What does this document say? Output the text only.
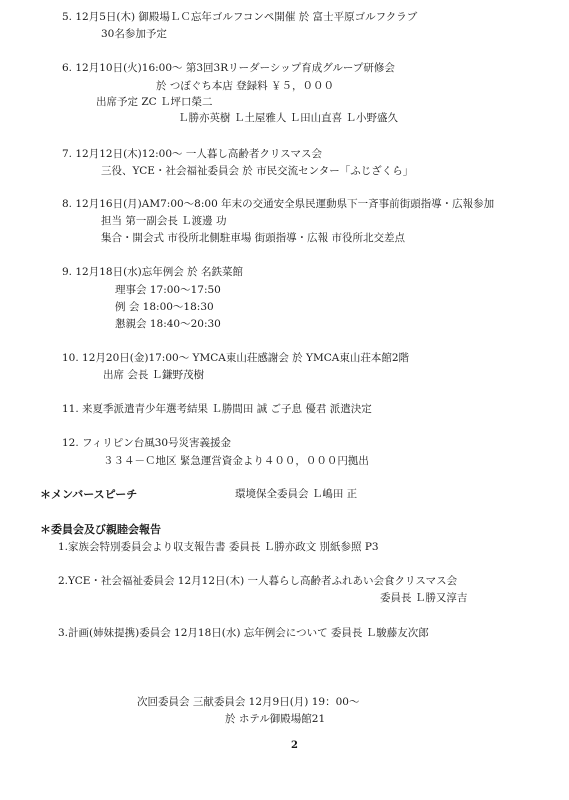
5. 12月5日(木) 御殿場ＬＣ忘年ゴルフコンペ開催 於 富士平原ゴルフクラブ
30名参加予定
6. 12月10日(火)16:00～ 第3回3Rリーダーシップ育成グループ研修会
於 つぼぐち本店 登録料 ￥５，０００
出席予定 ZC Ｌ坪口榮二
Ｌ勝亦英樹 Ｌ土屋雅人 Ｌ田山直喜 Ｌ小野盛久
7. 12月12日(木)12:00～ 一人暮し高齢者クリスマス会
三役、YCE・社会福祉委員会 於 市民交流センター「ふじざくら」
8. 12月16日(月)AM7:00～8:00 年末の交通安全県民運動県下一斉事前街頭指導・広報参加
担当 第一副会長 Ｌ渡邊 功
集合・開会式 市役所北側駐車場 街頭指導・広報 市役所北交差点
9. 12月18日(水)忘年例会 於 名鉄菜館
理事会 17:00～17:50
例 会 18:00～18:30
懇親会 18:40～20:30
10. 12月20日(金)17:00～ YMCA東山荘感謝会 於 YMCA東山荘本館2階
出席 会長 Ｌ鎌野茂樹
11. 来夏季派遣青少年選考結果 Ｌ勝間田 誠 ご子息 優君 派遣決定
12. フィリピン台風30号災害義援金
３３４－Ｃ地区 緊急運営資金より４００，０００円拠出
＊メンバースピーチ	環境保全委員会 Ｌ嶋田 正
＊委員会及び親睦会報告
1.家族会特別委員会より収支報告書 委員長 Ｌ勝亦政文 別紙参照 P3
2.YCE・社会福祉委員会 12月12日(木) 一人暮らし高齢者ふれあい会食クリスマス会
委員長 Ｌ勝又淳吉
3.計画(姉妹提携)委員会 12月18日(水) 忘年例会について 委員長 Ｌ駿藤友次郎
次回委員会 三献委員会 12月9日(月) 19：00～
於 ホテル御殿場館21
2
